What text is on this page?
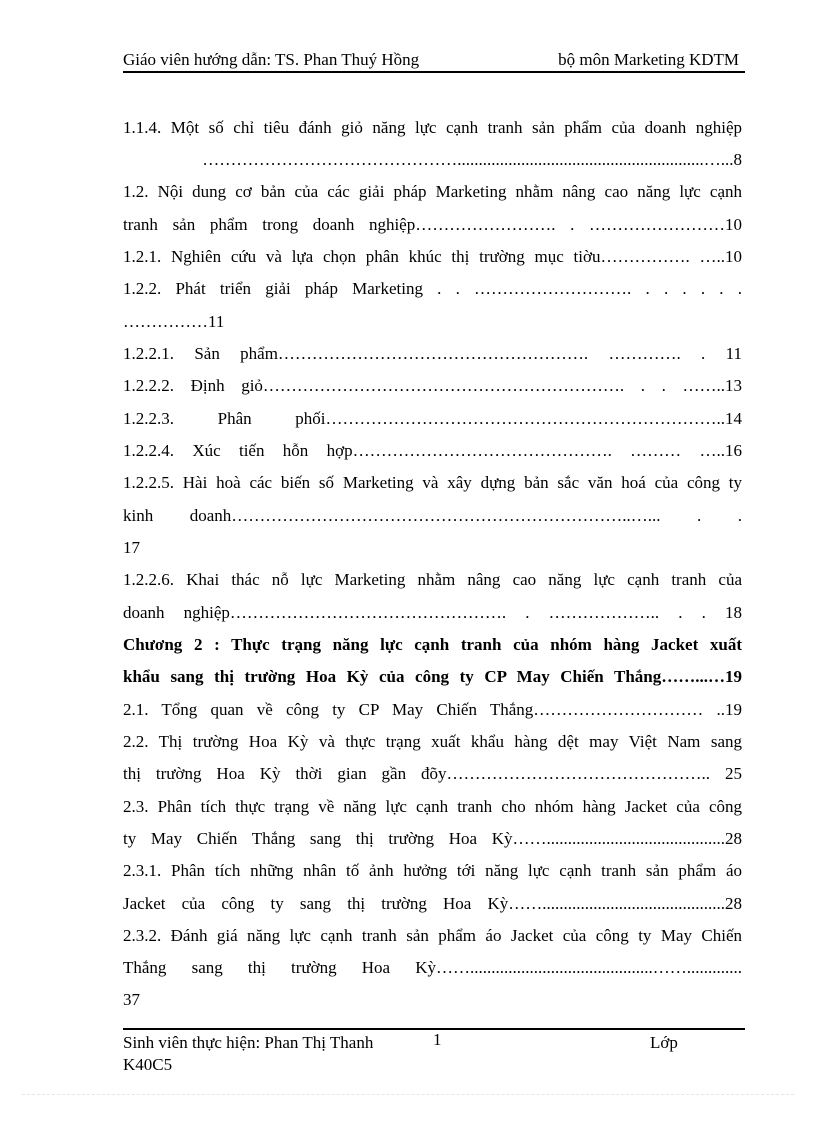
Giáo viên hướng dẫn: TS. Phan Thuý Hồng	bộ môn Marketing KDTM
1.1.4. Một số chỉ tiêu đánh giỏ năng lực cạnh tranh sản phẩm của doanh nghiệp
………………………………………..........................................................…...8
1.2. Nội dung cơ bản của các giải pháp Marketing nhằm nâng cao năng lực cạnh
tranh sản phẩm trong doanh nghiệp……………………. . ……………………10
1.2.1. Nghiên cứu và lựa chọn phân khúc thị trường mục tiờu……………. …..10
1.2.2. Phát triển giải pháp Marketing . . ………………………. . . . . . .
……………11
1.2.2.1. Sản phẩm………………………………………………. …………. . 11
1.2.2.2. Định giỏ………………………………………………………. . . ……..13
1.2.2.3. Phân phối……………………………………………………………..14
1.2.2.4. Xúc tiến hỗn hợp………………………………………. ……… …..16
1.2.2.5. Hài hoà các biến số Marketing và xây dựng bản sắc văn hoá của công ty
kinh doanh……………………………………………………………..…... . .
17
1.2.2.6. Khai thác nỗ lực Marketing nhằm nâng cao năng lực cạnh tranh của
doanh nghiệp…………………………………………. . ……………….. . . 18
Chương 2 : Thực trạng năng lực cạnh tranh của nhóm hàng Jacket xuất
khẩu sang thị trường Hoa Kỳ của công ty CP May Chiến Thắng……...…19
2.1. Tổng quan về công ty CP May Chiến Thắng………………………… ..19
2.2. Thị trường Hoa Kỳ và thực trạng xuất khẩu hàng dệt may Việt Nam sang
thị trường Hoa Kỳ thời gian gần đõy……………………………………….. 25
2.3. Phân tích thực trạng về năng lực cạnh tranh cho nhóm hàng Jacket của công
ty May Chiến Thắng sang thị trường Hoa Kỳ……..........................................28
2.3.1. Phân tích những nhân tố ảnh hưởng tới năng lực cạnh tranh sản phẩm áo
Jacket của công ty sang thị trường Hoa Kỳ……...........................................28
2.3.2. Đánh giá năng lực cạnh tranh sản phẩm áo Jacket của công ty May Chiến
Thắng sang thị trường Hoa Kỳ……...........................................…….............
37
Sinh viên thực hiện: Phan Thị Thanh	1	Lớp
K40C5
